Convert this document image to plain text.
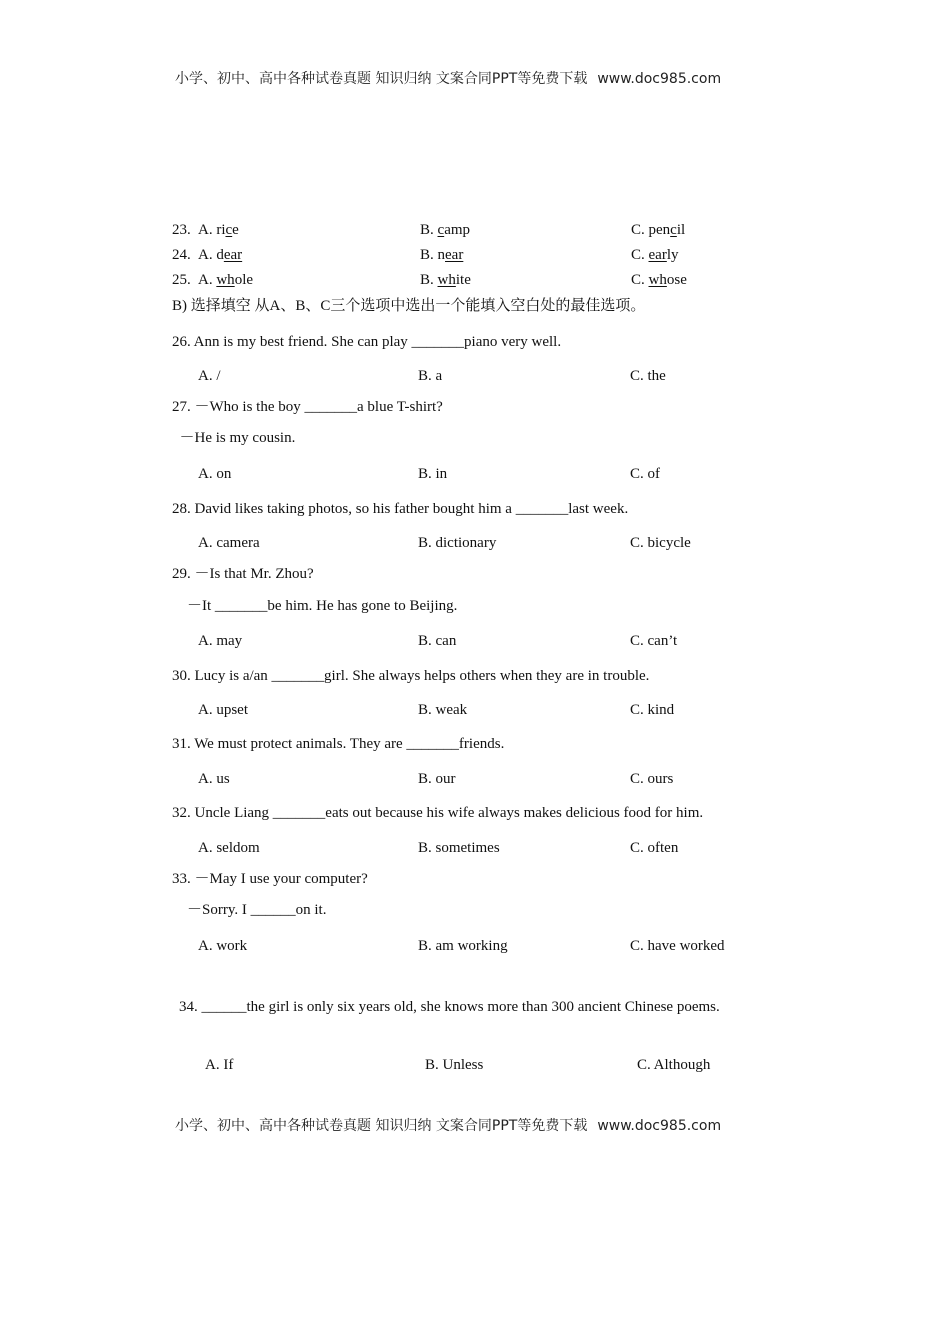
小学、初中、高中各种试卷真题 知识归纳 文案合同PPT等免费下载 www.doc985.com
小学、初中、高中各种试卷真题 知识归纳 文案合同PPT等免费下载 www.doc985.com
B) 选择填空 从A、B、C三个选项中选出一个能填入空白处的最佳选项。
23. A. rice	B. camp	C. pencil
24. A. dear	B. near	C. early
25. A. whole	B. white	C. whose
26. Ann is my best friend. She can play _______piano very well.
A. /	B. a	C. the
27. －Who is the boy _______a blue T-shirt?
－He is my cousin.
A. on	B. in	C. of
28. David likes taking photos, so his father bought him a _______last week.
A. camera	B. dictionary	C. bicycle
29. －Is that Mr. Zhou?
－It _______be him. He has gone to Beijing.
A. may	B. can	C. can’t
30. Lucy is a/an _______girl. She always helps others when they are in trouble.
A. upset	B. weak	C. kind
31. We must protect animals. They are _______friends.
A. us	B. our	C. ours
32. Uncle Liang _______eats out because his wife always makes delicious food for him.
A. seldom	B. sometimes	C. often
33. －May I use your computer?
－Sorry. I ______on it.
A. work	B. am working	C. have worked
34. ______the girl is only six years old, she knows more than 300 ancient Chinese poems.
A. If	B. Unless	C. Although
